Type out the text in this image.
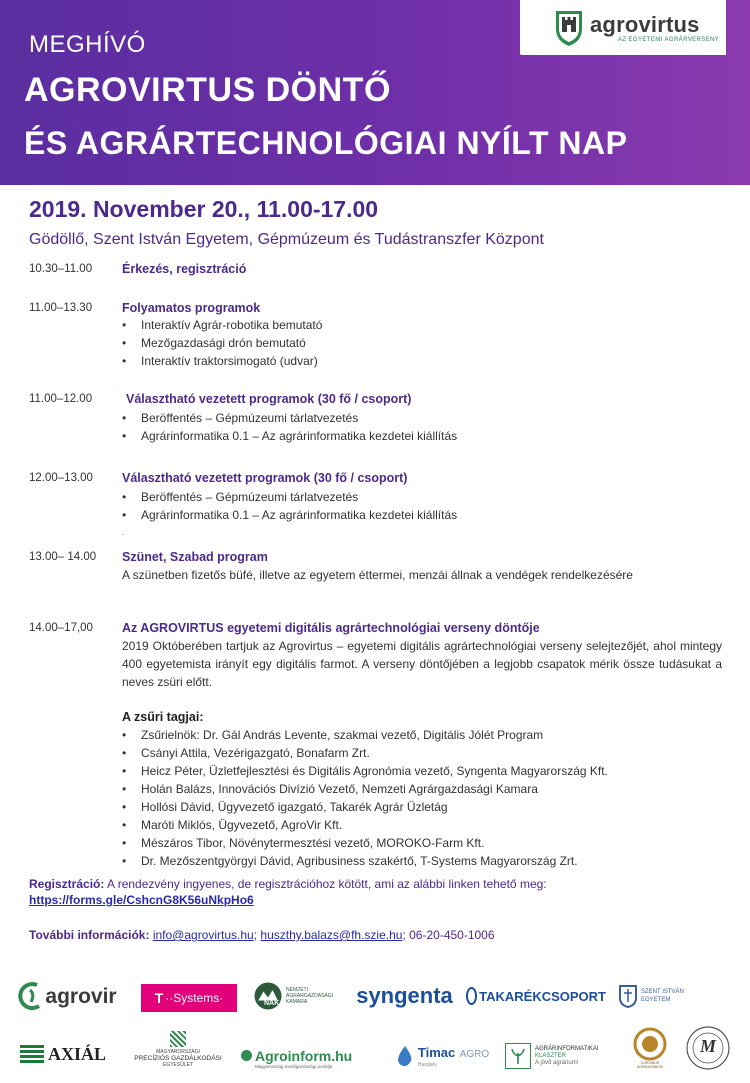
MEGHÍVÓ
AGROVIRTUS DÖNTŐ
ÉS AGRÁRTECHNOLÓGIAI NYÍLT NAP
agrovirtus
AZ EGYETEMI AGRÁRVERSENY
2019. November 20., 11.00-17.00
Gödöllő, Szent István Egyetem, Gépmúzeum és Tudástranszfer Központ
10.30–11.00 Érkezés, regisztráció
11.00–13.30 Folyamatos programok
• Interaktív Agrár-robotika bemutató
• Mezőgazdasági drón bemutató
• Interaktív traktorsimogató (udvar)
11.00–12.00	Választható vezetett programok (30 fő / csoport)
• Beröffentés – Gépmúzeumi tárlatvezetés
• Agrárinformatika 0.1 – Az agrárinformatika kezdetei kiállítás
12.00–13.00 Választható vezetett programok (30 fő / csoport)
• Beröffentés – Gépmúzeumi tárlatvezetés
• Agrárinformatika 0.1 – Az agrárinformatika kezdetei kiállítás
.
13.00– 14.00 Szünet, Szabad program
A szünetben fizetős büfé, illetve az egyetem éttermei, menzái állnak a vendégek rendelkezésére
14.00–17,00 Az AGROVIRTUS egyetemi digitális agrártechnológiai verseny döntője
2019 Októberében tartjuk az Agrovirtus – egyetemi digitális agrártechnológiai verseny selejtezőjét, ahol mintegy 400 egyetemista irányít egy digitális farmot. A verseny döntőjében a legjobb csapatok mérik össze tudásukat a neves zsüri előtt.
A zsűri tagjai:
• Zsűrielnök: Dr. Gál András Levente, szakmai vezető, Digitális Jólét Program
• Csányi Attila, Vezérigazgató, Bonafarm Zrt.
• Heicz Péter, Üzletfejlesztési és Digitális Agronómia vezető, Syngenta Magyarország Kft.
• Holán Balázs, Innovációs Divízió Vezető, Nemzeti Agrárgazdasági Kamara
• Hollósi Dávid, Ügyvezető igazgató, Takarék Agrár Üzletág
• Maróti Miklós, Ügyvezető, AgroVir Kft.
• Mészáros Tibor, Növénytermesztési vezető, MOROKO-Farm Kft.
• Dr. Mezőszentgyörgyi Dávid, Agribusiness szakértő, T-Systems Magyarország Zrt.
Regisztráció: A rendezvény ingyenes, de regisztrációhoz kötött, ami az alábbi linken tehető meg:
https://forms.gle/CshcnG8K56uNkpHo6
További információk: info@agrovirtus.hu; huszthy.balazs@fh.szie.hu; 06-20-450-1006
agrovir	T ··Systems·	NAK
NEMZETI
AGRÁRGAZDASÁGI
KAMARA	syngenta TAKARÉKCSOPORT	SZENT ISTVÁN
EGYETEM
AXIÁL	MAGYARORSZÁGI
PRECÍZIÓS GAZDÁLKODÁSI
EGYESÜLET
Agroinform.hu
Magyarország mezőgazdasági portálja
Timac AGRO
Hungary
AGRÁRINFORMATIKAI
KLASZTER
A jövő agrárium!	CORVINUS AGRIBUSINESS
M
